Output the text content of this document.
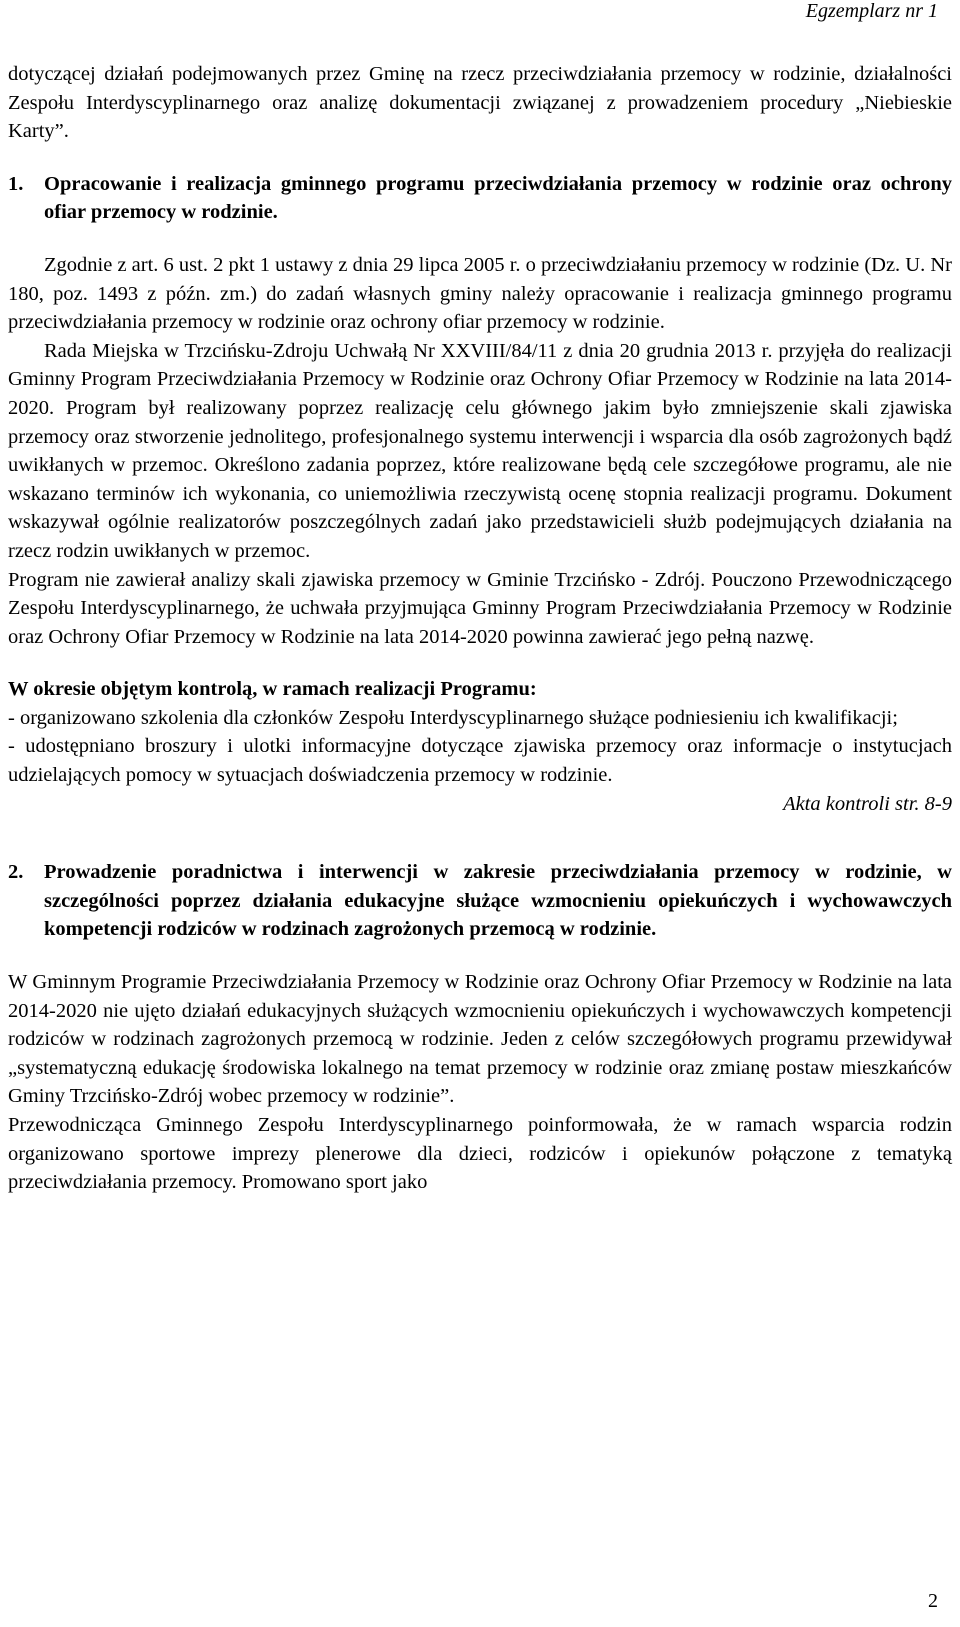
Egzemplarz nr 1

dotyczącej działań podejmowanych przez Gminę na rzecz przeciwdziałania przemocy w rodzinie, działalności Zespołu Interdyscyplinarnego oraz analizę dokumentacji związanej z prowadzeniem procedury „Niebieskie Karty”.

1.	Opracowanie i realizacja gminnego programu przeciwdziałania przemocy w rodzinie oraz ochrony ofiar przemocy w rodzinie.

Zgodnie z art. 6 ust. 2 pkt 1 ustawy z dnia 29 lipca 2005 r. o przeciwdziałaniu przemocy w rodzinie (Dz. U. Nr 180, poz. 1493 z późn. zm.) do zadań własnych gminy należy opracowanie i realizacja gminnego programu przeciwdziałania przemocy w rodzinie oraz ochrony ofiar przemocy w rodzinie.

Rada Miejska w Trzcińsku-Zdroju Uchwałą Nr XXVIII/84/11 z dnia 20 grudnia 2013 r. przyjęła do realizacji Gminny Program Przeciwdziałania Przemocy w Rodzinie oraz Ochrony Ofiar Przemocy w Rodzinie na lata 2014-2020. Program był realizowany poprzez realizację celu głównego jakim było zmniejszenie skali zjawiska przemocy oraz stworzenie jednolitego, profesjonalnego systemu interwencji i wsparcia dla osób zagrożonych bądź uwikłanych w przemoc. Określono zadania poprzez, które realizowane będą cele szczegółowe programu, ale nie wskazano terminów ich wykonania, co uniemożliwia rzeczywistą ocenę stopnia realizacji programu. Dokument wskazywał ogólnie realizatorów poszczególnych zadań jako przedstawicieli służb podejmujących działania na rzecz rodzin uwikłanych w przemoc.

Program nie zawierał analizy skali zjawiska przemocy w Gminie Trzcińsko - Zdrój. Pouczono Przewodniczącego Zespołu Interdyscyplinarnego, że uchwała przyjmująca Gminny Program Przeciwdziałania Przemocy w Rodzinie oraz Ochrony Ofiar Przemocy w Rodzinie na lata 2014-2020 powinna zawierać jego pełną nazwę.

W okresie objętym kontrolą, w ramach realizacji Programu:

- organizowano szkolenia dla członków Zespołu Interdyscyplinarnego służące podniesieniu ich kwalifikacji;

- udostępniano broszury i ulotki informacyjne dotyczące zjawiska przemocy oraz informacje o instytucjach udzielających pomocy w sytuacjach doświadczenia przemocy w rodzinie.

Akta kontroli str. 8-9

2.	Prowadzenie poradnictwa i interwencji w zakresie przeciwdziałania przemocy w rodzinie, w szczególności poprzez działania edukacyjne służące wzmocnieniu opiekuńczych i wychowawczych kompetencji rodziców w rodzinach zagrożonych przemocą w rodzinie.

W Gminnym Programie Przeciwdziałania Przemocy w Rodzinie oraz Ochrony Ofiar Przemocy w Rodzinie na lata 2014-2020 nie ujęto działań edukacyjnych służących wzmocnieniu opiekuńczych i wychowawczych kompetencji rodziców w rodzinach zagrożonych przemocą w rodzinie. Jeden z celów szczegółowych programu przewidywał „systematyczną edukację środowiska lokalnego na temat przemocy w rodzinie oraz zmianę postaw mieszkańców Gminy Trzcińsko-Zdrój wobec przemocy w rodzinie”.

Przewodnicząca Gminnego Zespołu Interdyscyplinarnego poinformowała, że w ramach wsparcia rodzin organizowano sportowe imprezy plenerowe dla dzieci, rodziców i opiekunów połączone z tematyką przeciwdziałania przemocy. Promowano sport jako

2
